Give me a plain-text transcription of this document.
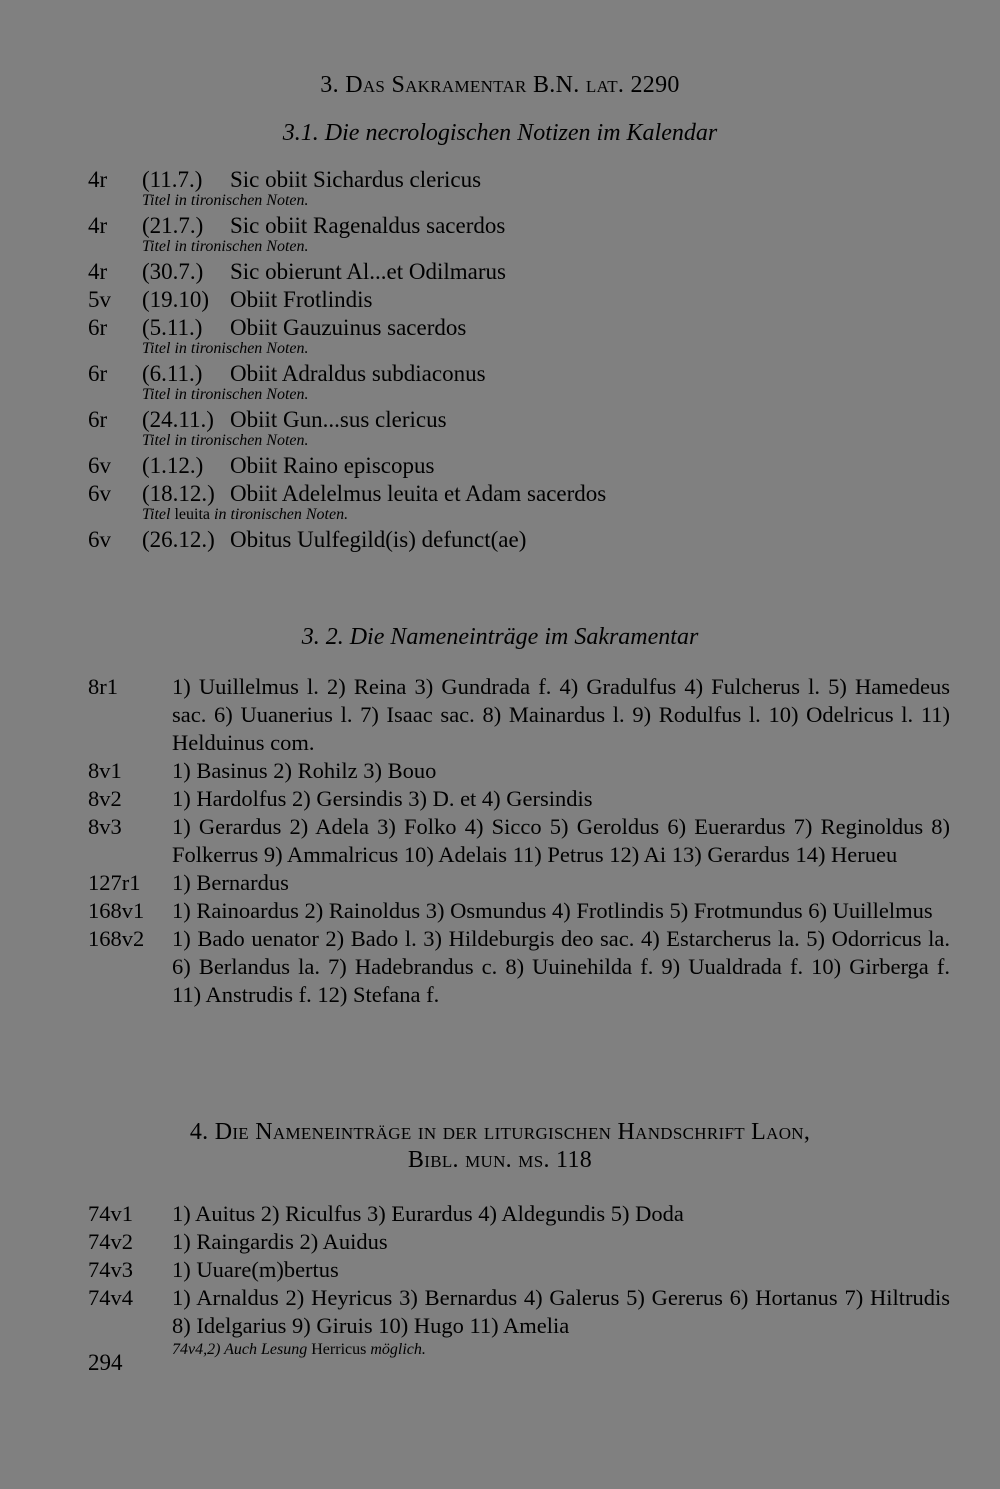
3. Das Sakramentar B.N. lat. 2290
3.1. Die necrologischen Notizen im Kalendar
4r	(11.7.) Sic obiit Sichardus clericus
Titel in tironischen Noten.
4r	(21.7.) Sic obiit Ragenaldus sacerdos
Titel in tironischen Noten.
4r	(30.7.) Sic obierunt Al...et Odilmarus
5v	(19.10) Obiit Frotlindis
6r	(5.11.) Obiit Gauzuinus sacerdos
Titel in tironischen Noten.
6r	(6.11.) Obiit Adraldus subdiaconus
Titel in tironischen Noten.
6r	(24.11.) Obiit Gun...sus clericus
Titel in tironischen Noten.
6v	(1.12.) Obiit Raino episcopus
6v	(18.12.) Obiit Adelelmus leuita et Adam sacerdos
Titel leuita in tironischen Noten.
6v	(26.12.) Obitus Uulfegild(is) defunct(ae)
3. 2. Die Nameneinträge im Sakramentar
8r1	1) Uuillelmus l. 2) Reina 3) Gundrada f. 4) Gradulfus 4) Fulcherus l. 5) Hamedeus sac. 6) Uuanerius l. 7) Isaac sac. 8) Mainardus l. 9) Rodulfus l. 10) Odelricus l. 11) Helduinus com.
8v1	1) Basinus 2) Rohilz 3) Bouo
8v2	1) Hardolfus 2) Gersindis 3) D. et 4) Gersindis
8v3	1) Gerardus 2) Adela 3) Folko 4) Sicco 5) Geroldus 6) Euerardus 7) Reginoldus 8) Folkerrus 9) Ammalricus 10) Adelais 11) Petrus 12) Ai 13) Gerardus 14) Herueu
127r1	1) Bernardus
168v1	1) Rainoardus 2) Rainoldus 3) Osmundus 4) Frotlindis 5) Frotmundus 6) Uuillelmus
168v2	1) Bado uenator 2) Bado l. 3) Hildeburgis deo sac. 4) Estarcherus la. 5) Odorricus la. 6) Berlandus la. 7) Hadebrandus c. 8) Uuinehilda f. 9) Uualdrada f. 10) Girberga f. 11) Anstrudis f. 12) Stefana f.
4. Die Nameneinträge in der liturgischen Handschrift Laon,
Bibl. mun. ms. 118
74v1	1) Auitus 2) Riculfus 3) Eurardus 4) Aldegundis 5) Doda
74v2	1) Raingardis 2) Auidus
74v3	1) Uuare(m)bertus
74v4	1) Arnaldus 2) Heyricus 3) Bernardus 4) Galerus 5) Gererus 6) Hortanus 7) Hiltrudis 8) Idelgarius 9) Giruis 10) Hugo 11) Amelia
74v4,2) Auch Lesung Herricus möglich.
294
